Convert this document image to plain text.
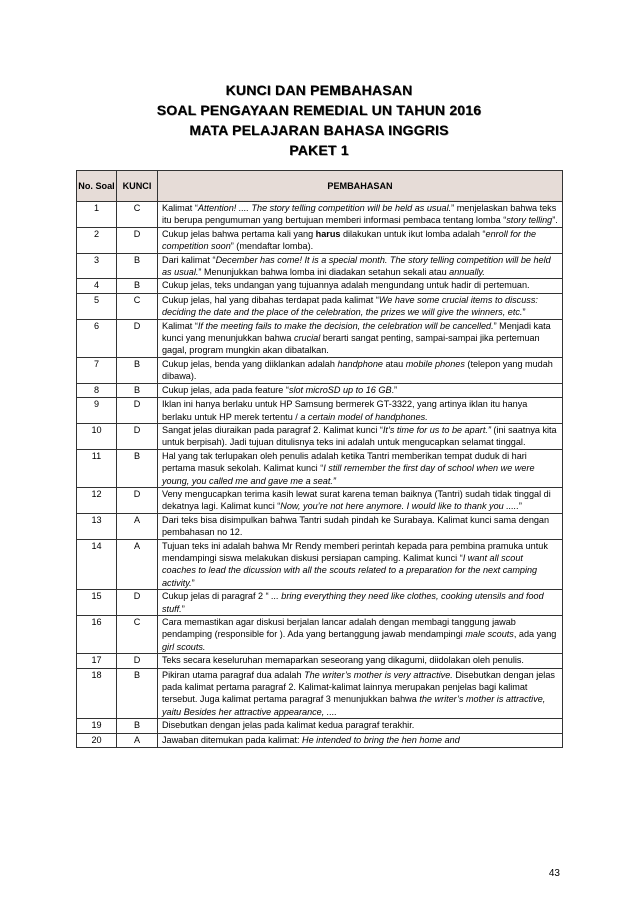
KUNCI DAN PEMBAHASAN
SOAL PENGAYAAN REMEDIAL UN TAHUN 2016
MATA PELAJARAN BAHASA INGGRIS
PAKET 1
No. Soal	KUNCI	PEMBAHASAN
1	C	Kalimat “Attention! .... The story telling competition will be held as usual.” menjelaskan bahwa teks itu berupa pengumuman yang bertujuan memberi informasi pembaca tentang lomba “story telling”.
2	D	Cukup jelas bahwa pertama kali yang harus dilakukan untuk ikut lomba adalah “enroll for the competition soon” (mendaftar lomba).
3	B	Dari kalimat “December has come! It is a special month. The story telling competition will be held as usual.” Menunjukkan bahwa lomba ini diadakan setahun sekali atau annually.
4	B	Cukup jelas, teks undangan yang tujuannya adalah mengundang untuk hadir di pertemuan.
5	C	Cukup jelas, hal yang dibahas terdapat pada kalimat “We have some crucial items to discuss: deciding the date and the place of the celebration, the prizes we will give the winners, etc.”
6	D	Kalimat “If the meeting fails to make the decision, the celebration will be cancelled.” Menjadi kata kunci yang menunjukkan bahwa crucial berarti sangat penting, sampai-sampai jika pertemuan gagal, program mungkin akan dibatalkan.
7	B	Cukup jelas, benda yang diiklankan adalah handphone atau mobile phones (telepon yang mudah dibawa).
8	B	Cukup jelas, ada pada feature “slot microSD up to 16 GB.”
9	D	Iklan ini hanya berlaku untuk HP Samsung bermerek GT-3322, yang artinya iklan itu hanya berlaku untuk HP merek tertentu / a certain model of handphones.
10	D	Sangat jelas diuraikan pada paragraf 2. Kalimat kunci “It’s time for us to be apart.” (ini saatnya kita untuk berpisah). Jadi tujuan ditulisnya teks ini adalah untuk mengucapkan selamat tinggal.
11	B	Hal yang tak terlupakan oleh penulis adalah ketika Tantri memberikan tempat duduk di hari pertama masuk sekolah. Kalimat kunci “I still remember the first day of school when we were young, you called me and gave me a seat.”
12	D	Veny mengucapkan terima kasih lewat surat karena teman baiknya (Tantri) sudah tidak tinggal di dekatnya lagi. Kalimat kunci “Now, you’re not here anymore. I would like to thank you .....”
13	A	Dari teks bisa disimpulkan bahwa Tantri sudah pindah ke Surabaya. Kalimat kunci sama dengan pembahasan no 12.
14	A	Tujuan teks ini adalah bahwa Mr Rendy memberi perintah kepada para pembina pramuka untuk mendampingi siswa melakukan diskusi persiapan camping. Kalimat kunci “I want all scout coaches to lead the dicussion with all the scouts related to a preparation for the next camping activity.”
15	D	Cukup jelas di paragraf 2 “ ... bring everything they need like clothes, cooking utensils and food stuff.”
16	C	Cara memastikan agar diskusi berjalan lancar adalah dengan membagi tanggung jawab pendamping (responsible for ). Ada yang bertanggung jawab mendampingi male scouts, ada yang girl scouts.
17	D	Teks secara keseluruhan memaparkan seseorang yang dikagumi, diidolakan oleh penulis.
18	B	Pikiran utama paragraf dua adalah The writer’s mother is very attractive. Disebutkan dengan jelas pada kalimat pertama paragraf 2. Kalimat-kalimat lainnya merupakan penjelas bagi kalimat tersebut. Juga kalimat pertama paragraf 3 menunjukkan bahwa the writer’s mother is attractive, yaitu Besides her attractive appearance, ....
19	B	Disebutkan dengan jelas pada kalimat kedua paragraf terakhir.
20	A	Jawaban ditemukan pada kalimat: He intended to bring the hen home and
43
